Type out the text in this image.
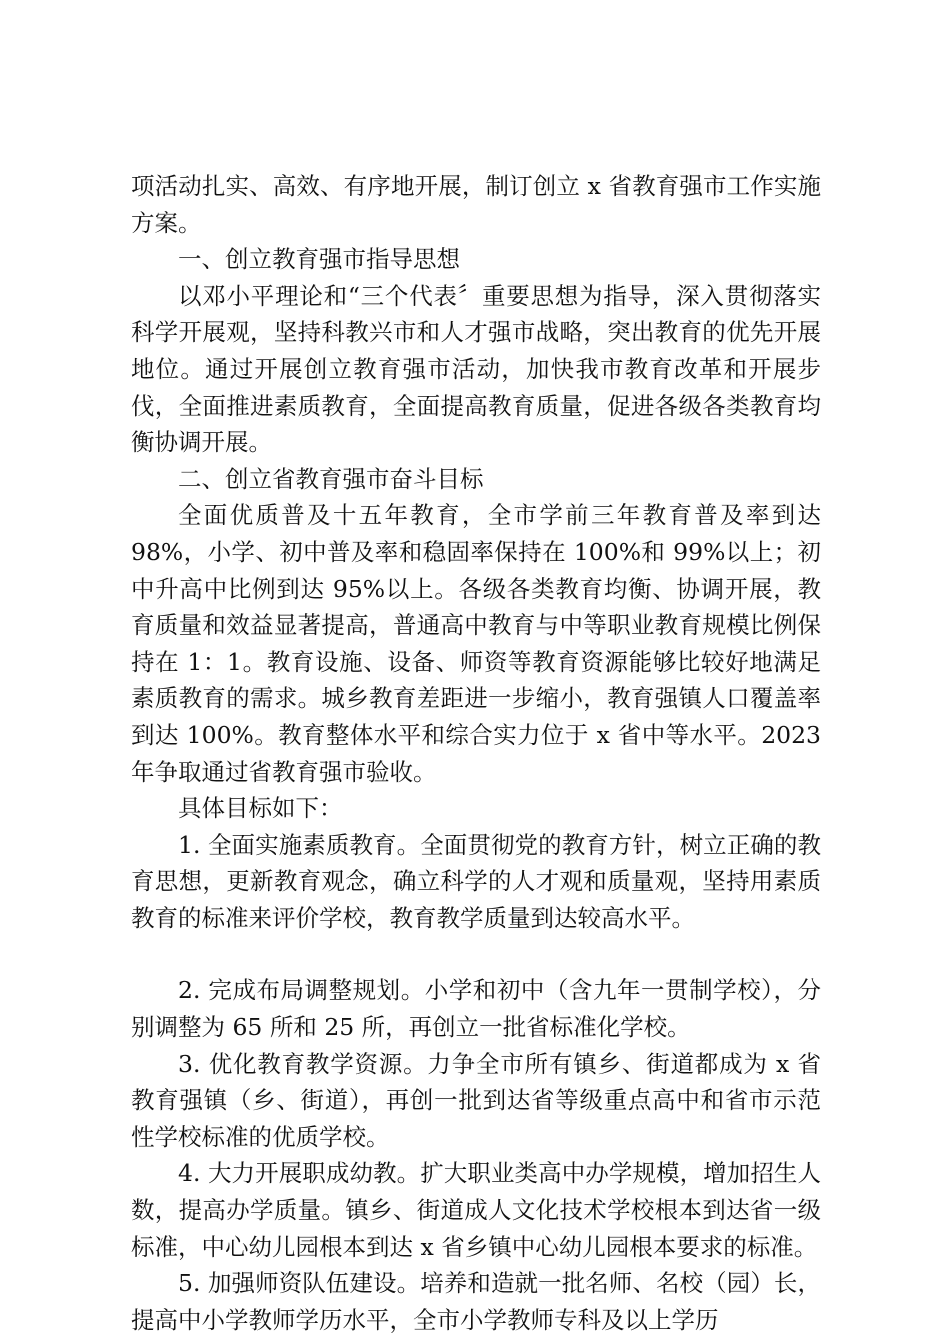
项活动扎实、高效、有序地开展，制订创立 x 省教育强市工作实施方案。

一、创立教育强市指导思想

以邓小平理论和“三个代表〞重要思想为指导，深入贯彻落实科学开展观，坚持科教兴市和人才强市战略，突出教育的优先开展地位。通过开展创立教育强市活动，加快我市教育改革和开展步伐，全面推进素质教育，全面提高教育质量，促进各级各类教育均衡协调开展。

二、创立省教育强市奋斗目标

全面优质普及十五年教育，全市学前三年教育普及率到达98%，小学、初中普及率和稳固率保持在 100%和 99%以上；初中升高中比例到达 95%以上。各级各类教育均衡、协调开展，教育质量和效益显著提高，普通高中教育与中等职业教育规模比例保持在 1：1。教育设施、设备、师资等教育资源能够比较好地满足素质教育的需求。城乡教育差距进一步缩小，教育强镇人口覆盖率到达 100%。教育整体水平和综合实力位于 x 省中等水平。2023 年争取通过省教育强市验收。

具体目标如下：

1. 全面实施素质教育。全面贯彻党的教育方针，树立正确的教育思想，更新教育观念，确立科学的人才观和质量观，坚持用素质教育的标准来评价学校，教育教学质量到达较高水平。

2. 完成布局调整规划。小学和初中（含九年一贯制学校），分别调整为 65 所和 25 所，再创立一批省标准化学校。

3. 优化教育教学资源。力争全市所有镇乡、街道都成为 x 省教育强镇（乡、街道），再创一批到达省等级重点高中和省市示范性学校标准的优质学校。

4. 大力开展职成幼教。扩大职业类高中办学规模，增加招生人数，提高办学质量。镇乡、街道成人文化技术学校根本到达省一级标准，中心幼儿园根本到达 x 省乡镇中心幼儿园根本要求的标准。

5. 加强师资队伍建设。培养和造就一批名师、名校（园）长，提高中小学教师学历水平，全市小学教师专科及以上学历
